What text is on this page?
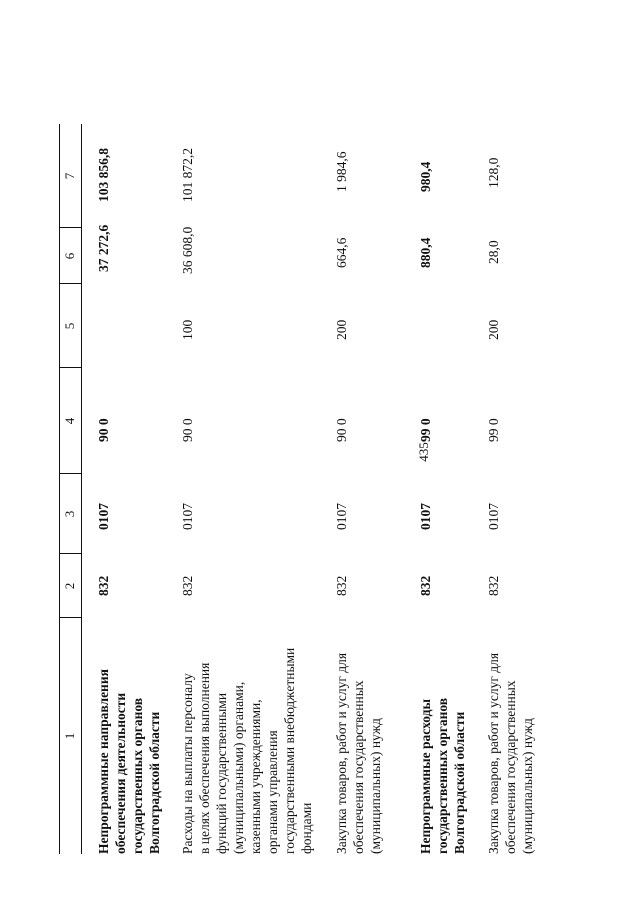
435
1
2
3
4
5
6
7
Непрограммные направления обеспечения деятельности государственных органов Волгоградской области
832
0107
90 0
37 272,6
103 856,8
Расходы на выплаты персоналу в целях обеспечения выполнения функций государственными (муниципальными) органами, казенными учреждениями, органами управления государственными внебюджетными фондами
832
0107
90 0
100
36 608,0
101 872,2
Закупка товаров, работ и услуг для обеспечения государственных (муниципальных) нужд
832
0107
90 0
200
664,6
1 984,6
Непрограммные расходы государственных органов Волгоградской области
832
0107
99 0
880,4
980,4
Закупка товаров, работ и услуг для обеспечения государственных (муниципальных) нужд
832
0107
99 0
200
28,0
128,0
